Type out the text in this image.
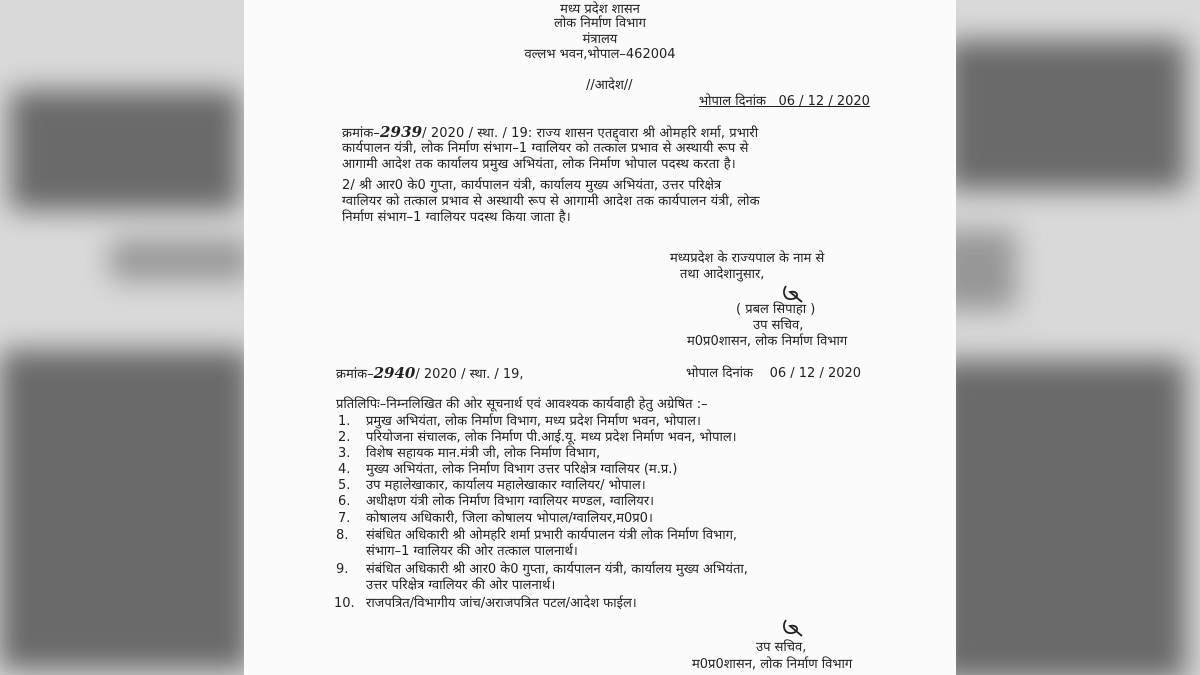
मध्य प्रदेश शासन
लोक निर्माण विभाग
मंत्रालय
वल्लभ भवन,भोपाल–462004
//आदेश//
भोपाल दिनांक 06 / 12 / 2020
क्रमांक–2939/ 2020 / स्था. / 19: राज्य शासन एतद्द्वारा श्री ओमहरि शर्मा, प्रभारी
कार्यपालन यंत्री, लोक निर्माण संभाग–1 ग्वालियर को तत्काल प्रभाव से अस्थायी रूप से
आगामी आदेश तक कार्यालय प्रमुख अभियंता, लोक निर्माण भोपाल पदस्थ करता है।
2/ श्री आर0 के0 गुप्ता, कार्यपालन यंत्री, कार्यालय मुख्य अभियंता, उत्तर परिक्षेत्र
ग्वालियर को तत्काल प्रभाव से अस्थायी रूप से आगामी आदेश तक कार्यपालन यंत्री, लोक
निर्माण संभाग–1 ग्वालियर पदस्थ किया जाता है।
मध्यप्रदेश के राज्यपाल के नाम से
तथा आदेशानुसार,
( प्रबल सिपाहा )
उप सचिव,
म0प्र0शासन, लोक निर्माण विभाग
क्रमांक–2940/ 2020 / स्था. / 19,	भोपाल दिनांक 06 / 12 / 2020
प्रतिलिपिः–निम्नलिखित की ओर सूचनार्थ एवं आवश्यक कार्यवाही हेतु अग्रेषित :–
1. प्रमुख अभियंता, लोक निर्माण विभाग, मध्य प्रदेश निर्माण भवन, भोपाल।
2. परियोजना संचालक, लोक निर्माण पी.आई.यू. मध्य प्रदेश निर्माण भवन, भोपाल।
3. विशेष सहायक मान.मंत्री जी, लोक निर्माण विभाग,
4. मुख्य अभियंता, लोक निर्माण विभाग उत्तर परिक्षेत्र ग्वालियर (म.प्र.)
5. उप महालेखाकार, कार्यालय महालेखाकार ग्वालियर/ भोपाल।
6. अधीक्षण यंत्री लोक निर्माण विभाग ग्वालियर मण्डल, ग्वालियर।
7. कोषालय अधिकारी, जिला कोषालय भोपाल/ग्वालियर,म0प्र0।
8. संबंधित अधिकारी श्री ओमहरि शर्मा प्रभारी कार्यपालन यंत्री लोक निर्माण विभाग,
संभाग–1 ग्वालियर की ओर तत्काल पालनार्थ।
9. संबंधित अधिकारी श्री आर0 के0 गुप्ता, कार्यपालन यंत्री, कार्यालय मुख्य अभियंता,
उत्तर परिक्षेत्र ग्वालियर की ओर पालनार्थ।
10. राजपत्रित/विभागीय जांच/अराजपत्रित पटल/आदेश फाईल।
उप सचिव,
म0प्र0शासन, लोक निर्माण विभाग
